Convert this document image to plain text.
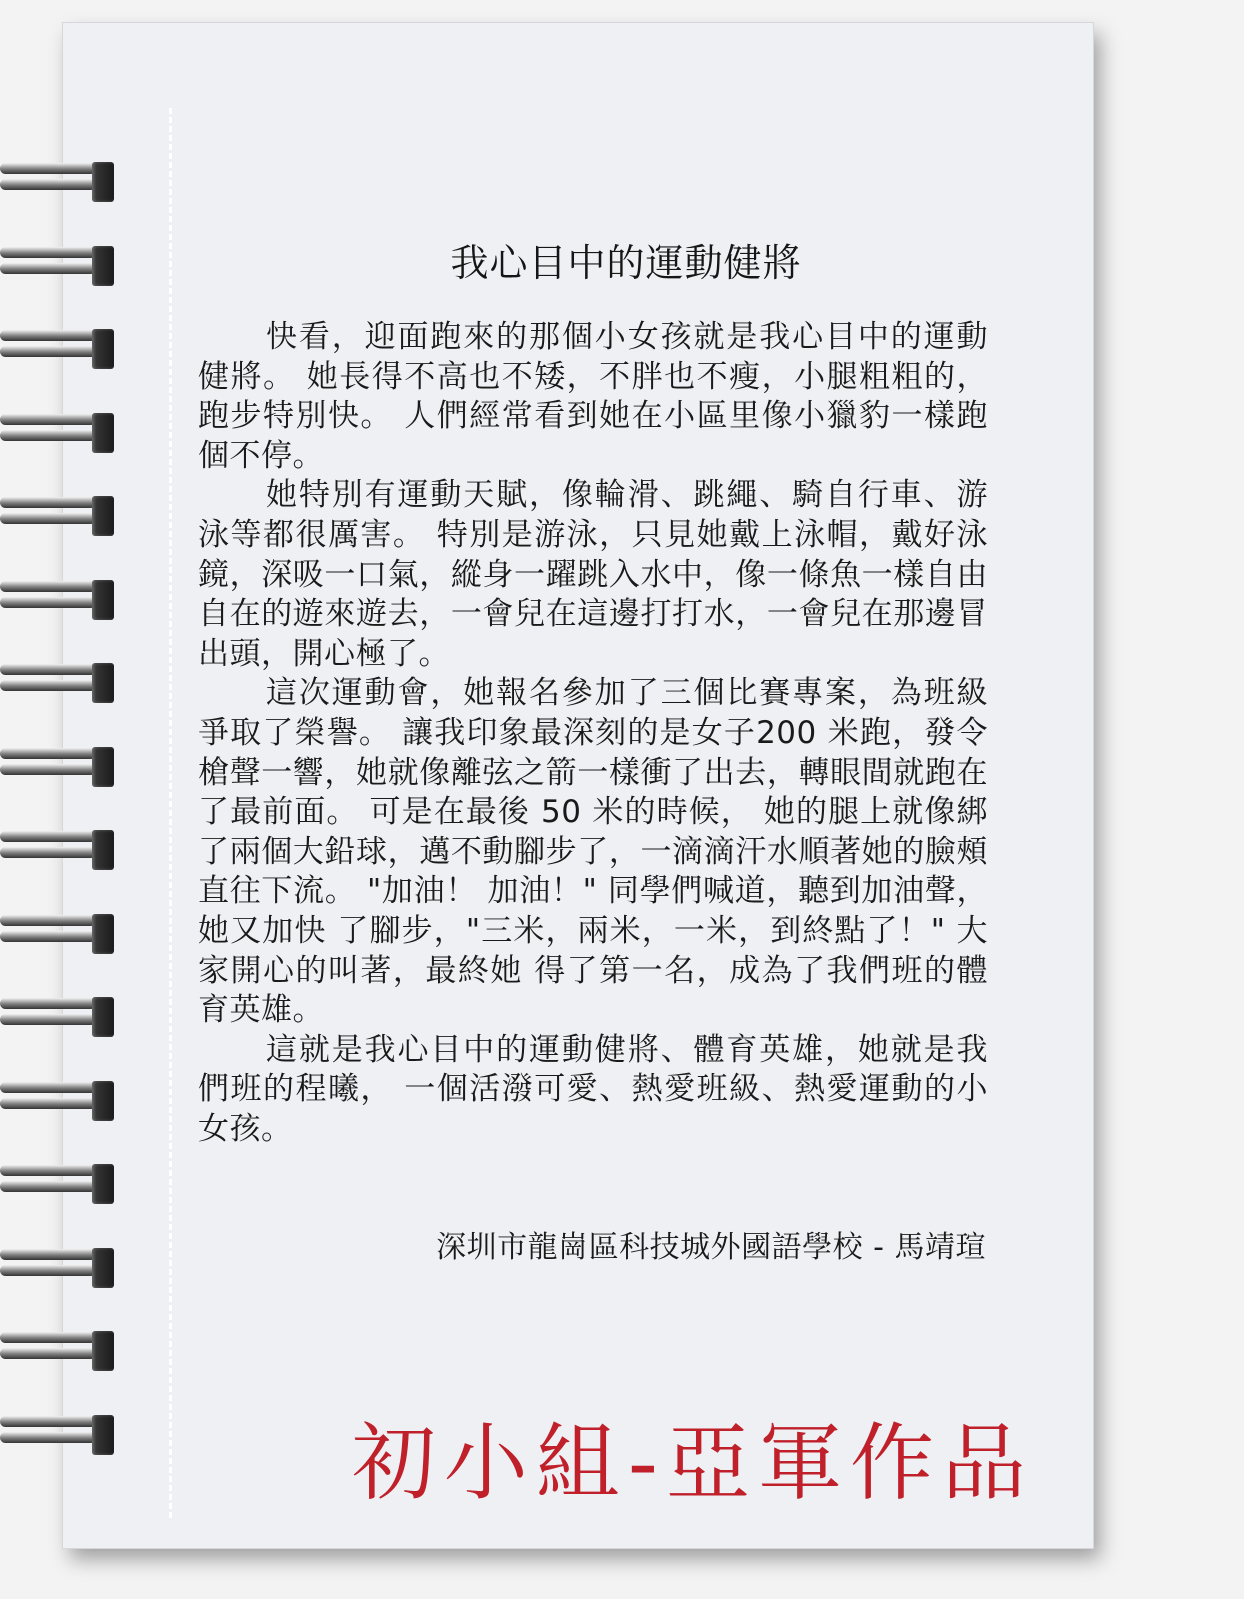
我心目中的運動健將

快看，迎面跑來的那個小女孩就是我心目中的運動健將。 她長得不高也不矮，不胖也不瘦，小腿粗粗的，跑步特別快。 人們經常看到她在小區里像小獵豹一樣跑個不停。

她特別有運動天賦，像輪滑、跳繩、騎自行車、游泳等都很厲害。 特別是游泳，只見她戴上泳帽，戴好泳鏡，深吸一口氣，縱身一躍跳入水中，像一條魚一樣自由自在的遊來遊去，一會兒在這邊打打水，一會兒在那邊冒出頭，開心極了。

這次運動會，她報名參加了三個比賽專案，為班級爭取了榮譽。 讓我印象最深刻的是女子200 米跑，發令槍聲一響，她就像離弦之箭一樣衝了出去，轉眼間就跑在了最前面。 可是在最後 50 米的時候， 她的腿上就像綁了兩個大鉛球，邁不動腳步了，一滴滴汗水順著她的臉頰直往下流。 "加油！ 加油！" 同學們喊道，聽到加油聲，她又加快 了腳步，"三米，兩米，一米，到終點了！" 大家開心的叫著，最終她 得了第一名，成為了我們班的體育英雄。

這就是我心目中的運動健將、體育英雄，她就是我們班的程曦， 一個活潑可愛、熱愛班級、熱愛運動的小女孩。

深圳市龍崗區科技城外國語學校 - 馬靖瑄
初小組-亞軍作品
